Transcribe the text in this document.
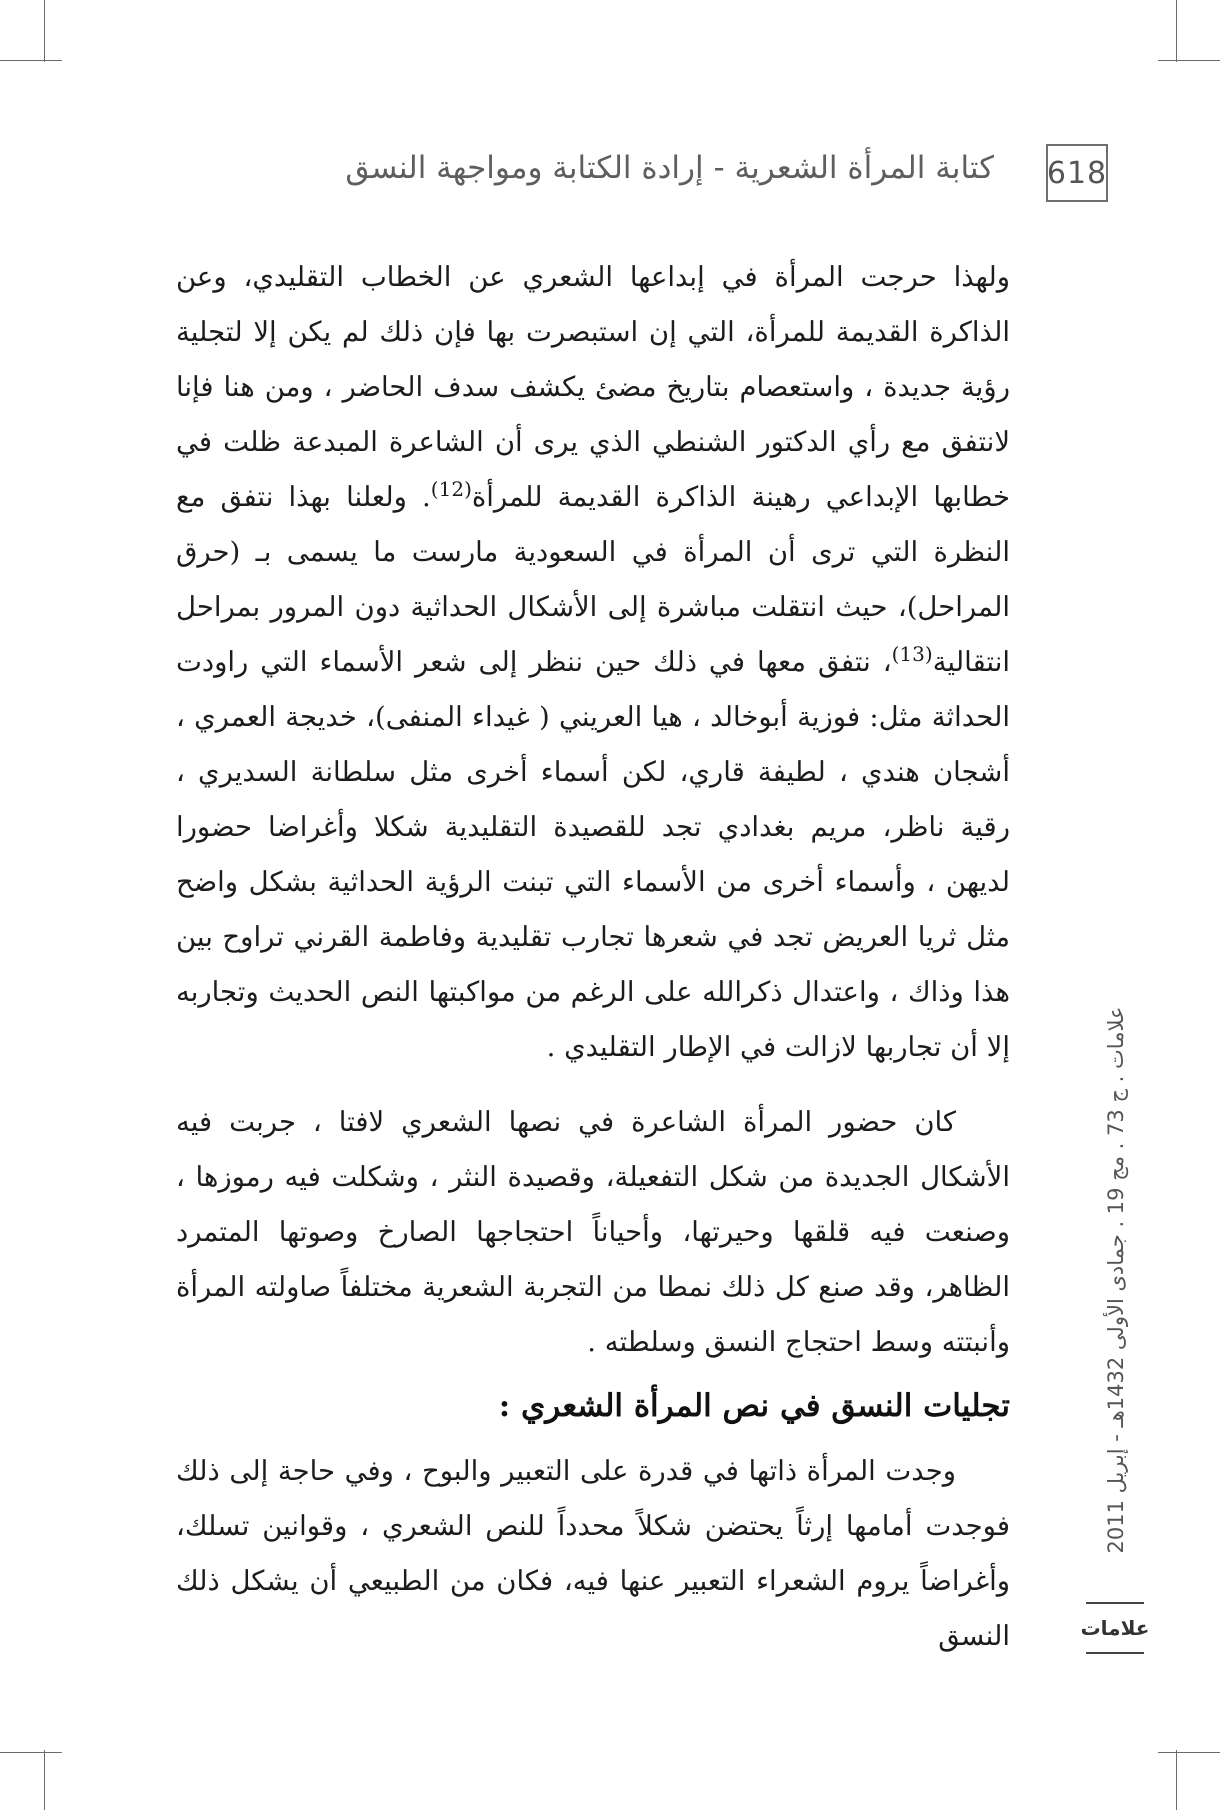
618
كتابة المرأة الشعرية - إرادة الكتابة ومواجهة النسق

ولهذا حرجت المرأة في إبداعها الشعري عن الخطاب التقليدي، وعن الذاكرة القديمة للمرأة، التي إن استبصرت بها فإن ذلك لم يكن إلا لتجلية رؤية جديدة ، واستعصام بتاريخ مضئ يكشف سدف الحاضر ، ومن هنا فإنا لانتفق مع رأي الدكتور الشنطي الذي يرى أن الشاعرة المبدعة ظلت في خطابها الإبداعي رهينة الذاكرة القديمة للمرأة$^{(12)}$. ولعلنا بهذا نتفق مع النظرة التي ترى أن المرأة في السعودية مارست ما يسمى بـ (حرق المراحل)، حيث انتقلت مباشرة إلى الأشكال الحداثية دون المرور بمراحل انتقالية$^{(13)}$، نتفق معها في ذلك حين ننظر إلى شعر الأسماء التي راودت الحداثة مثل: فوزية أبوخالد ، هيا العريني ( غيداء المنفى)، خديجة العمري ، أشجان هندي ، لطيفة قاري، لكن أسماء أخرى مثل سلطانة السديري ، رقية ناظر، مريم بغدادي تجد للقصيدة التقليدية شكلا وأغراضا حضورا لديهن ، وأسماء أخرى من الأسماء التي تبنت الرؤية الحداثية بشكل واضح مثل ثريا العريض تجد في شعرها تجارب تقليدية وفاطمة القرني تراوح بين هذا وذاك ، واعتدال ذكرالله على الرغم من مواكبتها النص الحديث وتجاربه إلا أن تجاربها لازالت في الإطار التقليدي .

كان حضور المرأة الشاعرة في نصها الشعري لافتا ، جربت فيه الأشكال الجديدة من شكل التفعيلة، وقصيدة النثر ، وشكلت فيه رموزها ، وصنعت فيه قلقها وحيرتها، وأحياناً احتجاجها الصارخ وصوتها المتمرد الظاهر، وقد صنع كل ذلك نمطا من التجربة الشعرية مختلفاً صاولته المرأة وأنبتته وسط احتجاج النسق وسلطته .

تجليات النسق في نص المرأة الشعري :

وجدت المرأة ذاتها في قدرة على التعبير والبوح ، وفي حاجة إلى ذلك فوجدت أمامها إرثاً يحتضن شكلاً محدداً للنص الشعري ، وقوانين تسلك، وأغراضاً يروم الشعراء التعبير عنها فيه، فكان من الطبيعي أن يشكل ذلك النسق

علامات . ج 73 . مج 19 . جمادى الأولى 1432هـ - إبريل 2011
علامات
